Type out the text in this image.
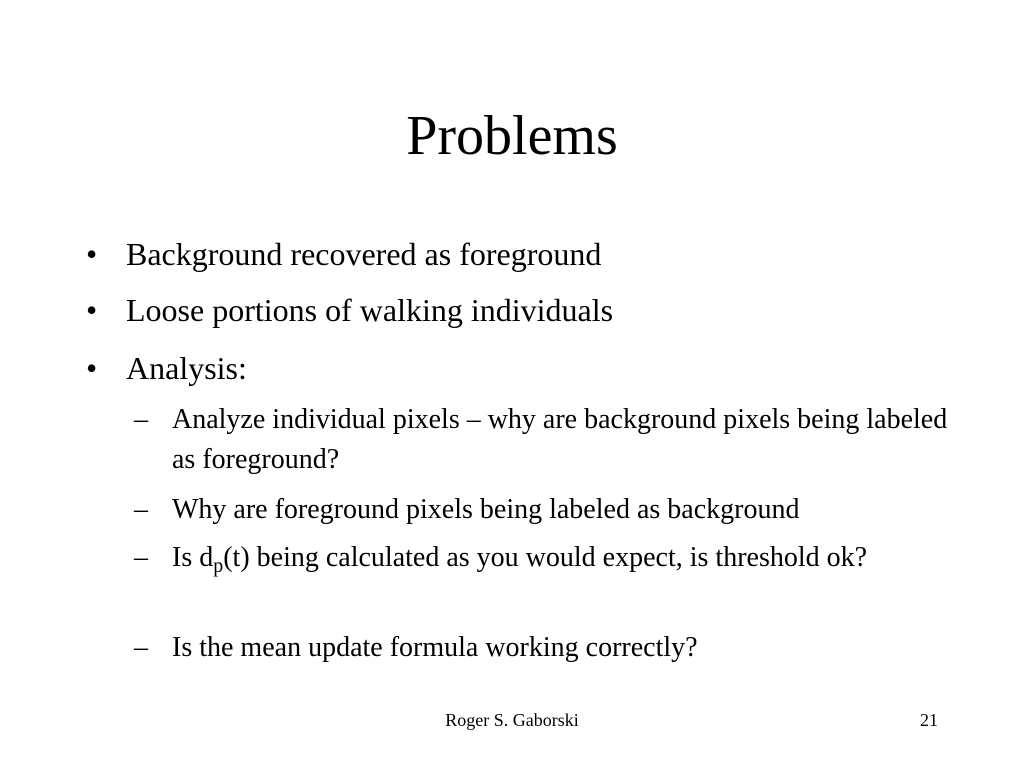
Problems
• Background recovered as foreground
• Loose portions of walking individuals
• Analysis:
– Analyze individual pixels – why are background pixels being labeled as foreground?
– Why are foreground pixels being labeled as background
– Is $d_p(t)$ being calculated as you would expect, is threshold ok?
– Is the mean update formula working correctly?
Roger S. Gaborski	21
